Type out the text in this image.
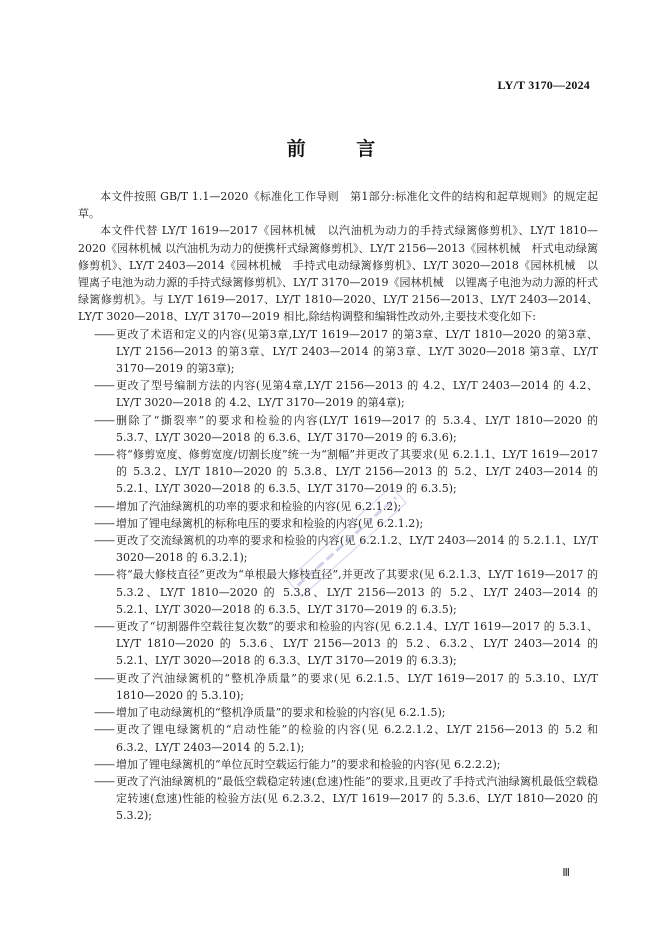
LY/T 3170—2024
前 言

本文件按照 GB/T 1.1—2020《标准化工作导则　第1部分:标准化文件的结构和起草规则》的规定起草。

本文件代替 LY/T 1619—2017《园林机械　以汽油机为动力的手持式绿篱修剪机》、LY/T 1810—2020《园林机械 以汽油机为动力的便携杆式绿篱修剪机》、LY/T 2156—2013《园林机械　杆式电动绿篱修剪机》、LY/T 2403—2014《园林机械　手持式电动绿篱修剪机》、LY/T 3020—2018《园林机械　以锂离子电池为动力源的手持式绿篱修剪机》、LY/T 3170—2019《园林机械　以锂离子电池为动力源的杆式绿篱修剪机》。与 LY/T 1619—2017、LY/T 1810—2020、LY/T 2156—2013、LY/T 2403—2014、LY/T 3020—2018、LY/T 3170—2019 相比,除结构调整和编辑性改动外,主要技术变化如下:

—— 更改了术语和定义的内容(见第3章,LY/T 1619—2017 的第3章、LY/T 1810—2020 的第3章、LY/T 2156—2013 的第3章、LY/T 2403—2014 的第3章、LY/T 3020—2018 第3章、LY/T 3170—2019 的第3章);
—— 更改了型号编制方法的内容(见第4章,LY/T 2156—2013 的 4.2、LY/T 2403—2014 的 4.2、LY/T 3020—2018 的 4.2、LY/T 3170—2019 的第4章);
—— 删除了“撕裂率”的要求和检验的内容(LY/T 1619—2017 的 5.3.4、LY/T 1810—2020 的 5.3.7、LY/T 3020—2018 的 6.3.6、LY/T 3170—2019 的 6.3.6);
—— 将“修剪宽度、修剪宽度/切割长度”统一为“割幅”并更改了其要求(见 6.2.1.1、LY/T 1619—2017 的 5.3.2、LY/T 1810—2020 的 5.3.8、LY/T 2156—2013 的 5.2、LY/T 2403—2014 的 5.2.1、LY/T 3020—2018 的 6.3.5、LY/T 3170—2019 的 6.3.5);
—— 增加了汽油绿篱机的功率的要求和检验的内容(见 6.2.1.2);
—— 增加了锂电绿篱机的标称电压的要求和检验的内容(见 6.2.1.2);
—— 更改了交流绿篱机的功率的要求和检验的内容(见 6.2.1.2、LY/T 2403—2014 的 5.2.1.1、LY/T 3020—2018 的 6.3.2.1);
—— 将“最大修枝直径”更改为“单根最大修枝直径”,并更改了其要求(见 6.2.1.3、LY/T 1619—2017 的 5.3.2、LY/T 1810—2020 的 5.3.8、LY/T 2156—2013 的 5.2、LY/T 2403—2014 的 5.2.1、LY/T 3020—2018 的 6.3.5、LY/T 3170—2019 的 6.3.5);
—— 更改了“切割器件空载往复次数”的要求和检验的内容(见 6.2.1.4、LY/T 1619—2017 的 5.3.1、LY/T 1810—2020 的 5.3.6、LY/T 2156—2013 的 5.2、6.3.2、LY/T 2403—2014 的 5.2.1、LY/T 3020—2018 的 6.3.3、LY/T 3170—2019 的 6.3.3);
—— 更改了汽油绿篱机的“整机净质量”的要求(见 6.2.1.5、LY/T 1619—2017 的 5.3.10、LY/T 1810—2020 的 5.3.10);
—— 增加了电动绿篱机的“整机净质量”的要求和检验的内容(见 6.2.1.5);
—— 更改了锂电绿篱机的“启动性能”的检验的内容(见 6.2.2.1.2、LY/T 2156—2013 的 5.2 和 6.3.2、LY/T 2403—2014 的 5.2.1);
—— 增加了锂电绿篱机的“单位瓦时空载运行能力”的要求和检验的内容(见 6.2.2.2);
—— 更改了汽油绿篱机的“最低空载稳定转速(怠速)性能”的要求,且更改了手持式汽油绿篱机最低空载稳定转速(怠速)性能的检验方法(见 6.2.3.2、LY/T 1619—2017 的 5.3.6、LY/T 1810—2020 的 5.3.2);
Ⅲ
